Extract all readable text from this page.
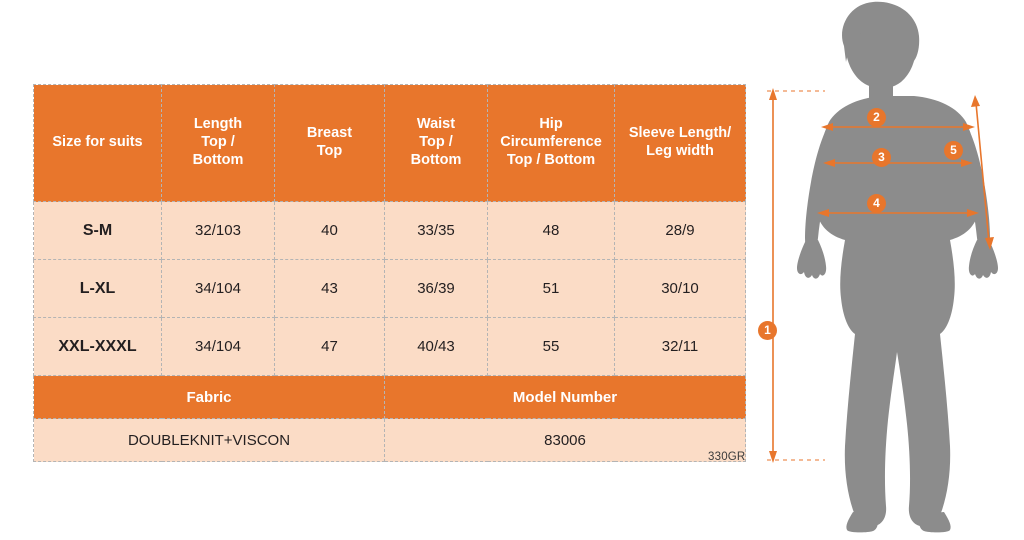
Size for suits	Length
Top /
Bottom	Breast
Top	Waist
Top /
Bottom	Hip
Circumference
Top / Bottom	Sleeve Length/
Leg width
S-M	32/103	40	33/35	48	28/9
L-XL	34/104	43	36/39	51	30/10
XXL-XXXL	34/104	47	40/43	55	32/11
Fabric			Model Number		
DOUBLEKNIT+VISCON			83006		
330GR
1
2
3
4
5
